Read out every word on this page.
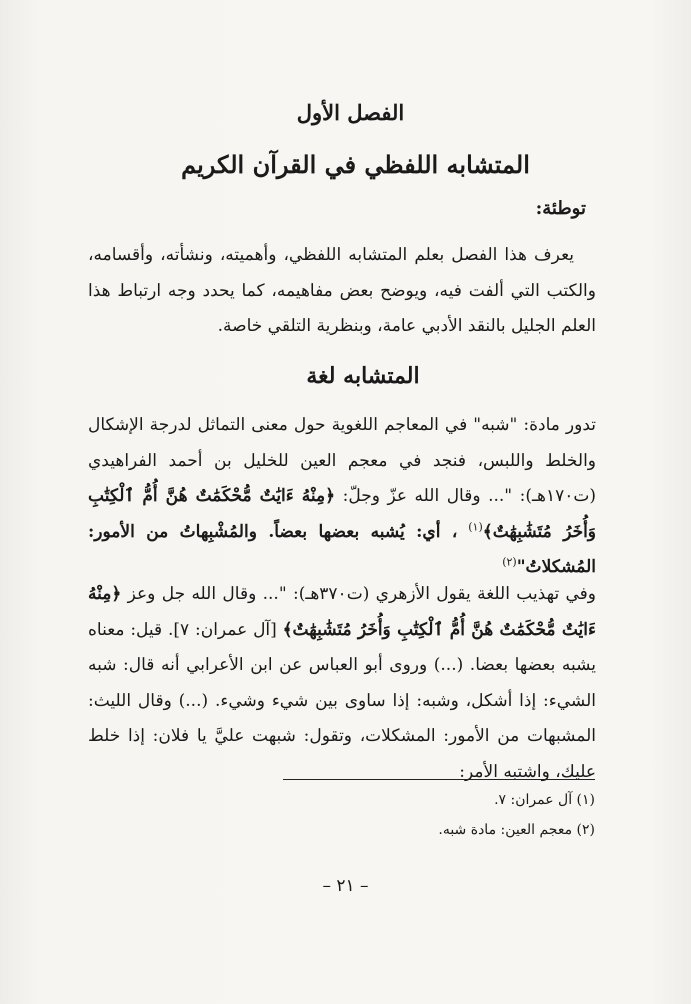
الفصل الأول
المتشابه اللفظي في القرآن الكريم
توطئة:
يعرف هذا الفصل بعلم المتشابه اللفظي، وأهميته، ونشأته، وأقسامه، والكتب التي ألفت فيه، ويوضح بعض مفاهيمه، كما يحدد وجه ارتباط هذا العلم الجليل بالنقد الأدبي عامة، وبنظرية التلقي خاصة.
المتشابه لغة
تدور مادة: "شبه" في المعاجم اللغوية حول معنى التماثل لدرجة الإشكال والخلط واللبس، فنجد في معجم العين للخليل بن أحمد الفراهيدي (ت١٧٠هـ): "... وقال الله عزّ وجلّ: ﴿مِنْهُ ءَايَٰتٌ مُّحْكَمَٰتٌ هُنَّ أُمُّ ٱلْكِتَٰبِ وَأُخَرُ مُتَشَٰبِهَٰتٌ﴾$^{(١)}$ ، أي: يُشبه بعضها بعضاً. والمُشْبِهاتُ من الأمور: المُشكلاتُ"$^{(٢)}$
وفي تهذيب اللغة يقول الأزهري (ت٣٧٠هـ): "... وقال الله جل وعز ﴿مِنْهُ ءَايَٰتٌ مُّحْكَمَٰتٌ هُنَّ أُمُّ ٱلْكِتَٰبِ وَأُخَرُ مُتَشَٰبِهَٰتٌ﴾ [آل عمران: ٧]. قيل: معناه يشبه بعضها بعضا. (...) وروى أبو العباس عن ابن الأعرابي أنه قال: شبه الشيء: إذا أشكل، وشبه: إذا ساوى بين شيء وشيء. (...) وقال الليث: المشبهات من الأمور: المشكلات، وتقول: شبهت عليَّ يا فلان: إذا خلط عليك، واشتبه الأمر:
(١) آل عمران: ٧.
(٢) معجم العين: مادة شبه.
– ٢١ –
